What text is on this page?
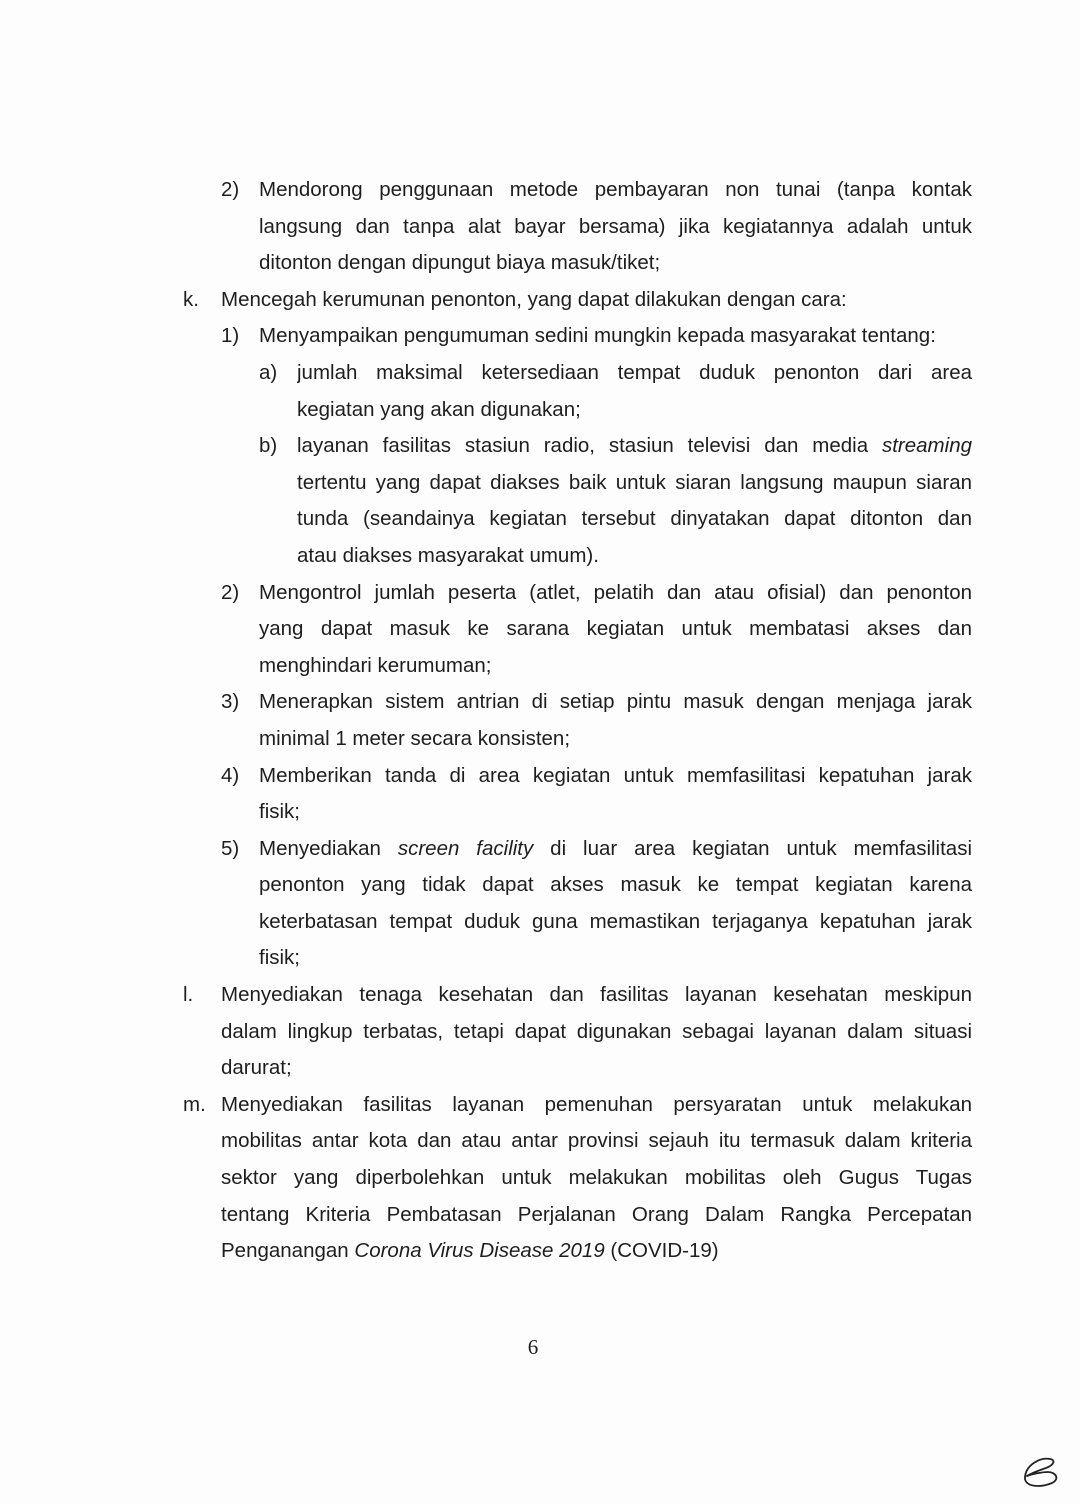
2) Mendorong penggunaan metode pembayaran non tunai (tanpa kontak
langsung dan tanpa alat bayar bersama) jika kegiatannya adalah untuk
ditonton dengan dipungut biaya masuk/tiket;
k. Mencegah kerumunan penonton, yang dapat dilakukan dengan cara:
1) Menyampaikan pengumuman sedini mungkin kepada masyarakat tentang:
a) jumlah maksimal ketersediaan tempat duduk penonton dari area
kegiatan yang akan digunakan;
b) layanan fasilitas stasiun radio, stasiun televisi dan media streaming
tertentu yang dapat diakses baik untuk siaran langsung maupun siaran
tunda (seandainya kegiatan tersebut dinyatakan dapat ditonton dan
atau diakses masyarakat umum).
2) Mengontrol jumlah peserta (atlet, pelatih dan atau ofisial) dan penonton
yang dapat masuk ke sarana kegiatan untuk membatasi akses dan
menghindari kerumuman;
3) Menerapkan sistem antrian di setiap pintu masuk dengan menjaga jarak
minimal 1 meter secara konsisten;
4) Memberikan tanda di area kegiatan untuk memfasilitasi kepatuhan jarak
fisik;
5) Menyediakan screen facility di luar area kegiatan untuk memfasilitasi
penonton yang tidak dapat akses masuk ke tempat kegiatan karena
keterbatasan tempat duduk guna memastikan terjaganya kepatuhan jarak
fisik;
l. Menyediakan tenaga kesehatan dan fasilitas layanan kesehatan meskipun
dalam lingkup terbatas, tetapi dapat digunakan sebagai layanan dalam situasi
darurat;
m. Menyediakan fasilitas layanan pemenuhan persyaratan untuk melakukan
mobilitas antar kota dan atau antar provinsi sejauh itu termasuk dalam kriteria
sektor yang diperbolehkan untuk melakukan mobilitas oleh Gugus Tugas
tentang Kriteria Pembatasan Perjalanan Orang Dalam Rangka Percepatan
Penganangan Corona Virus Disease 2019 (COVID-19)
6
